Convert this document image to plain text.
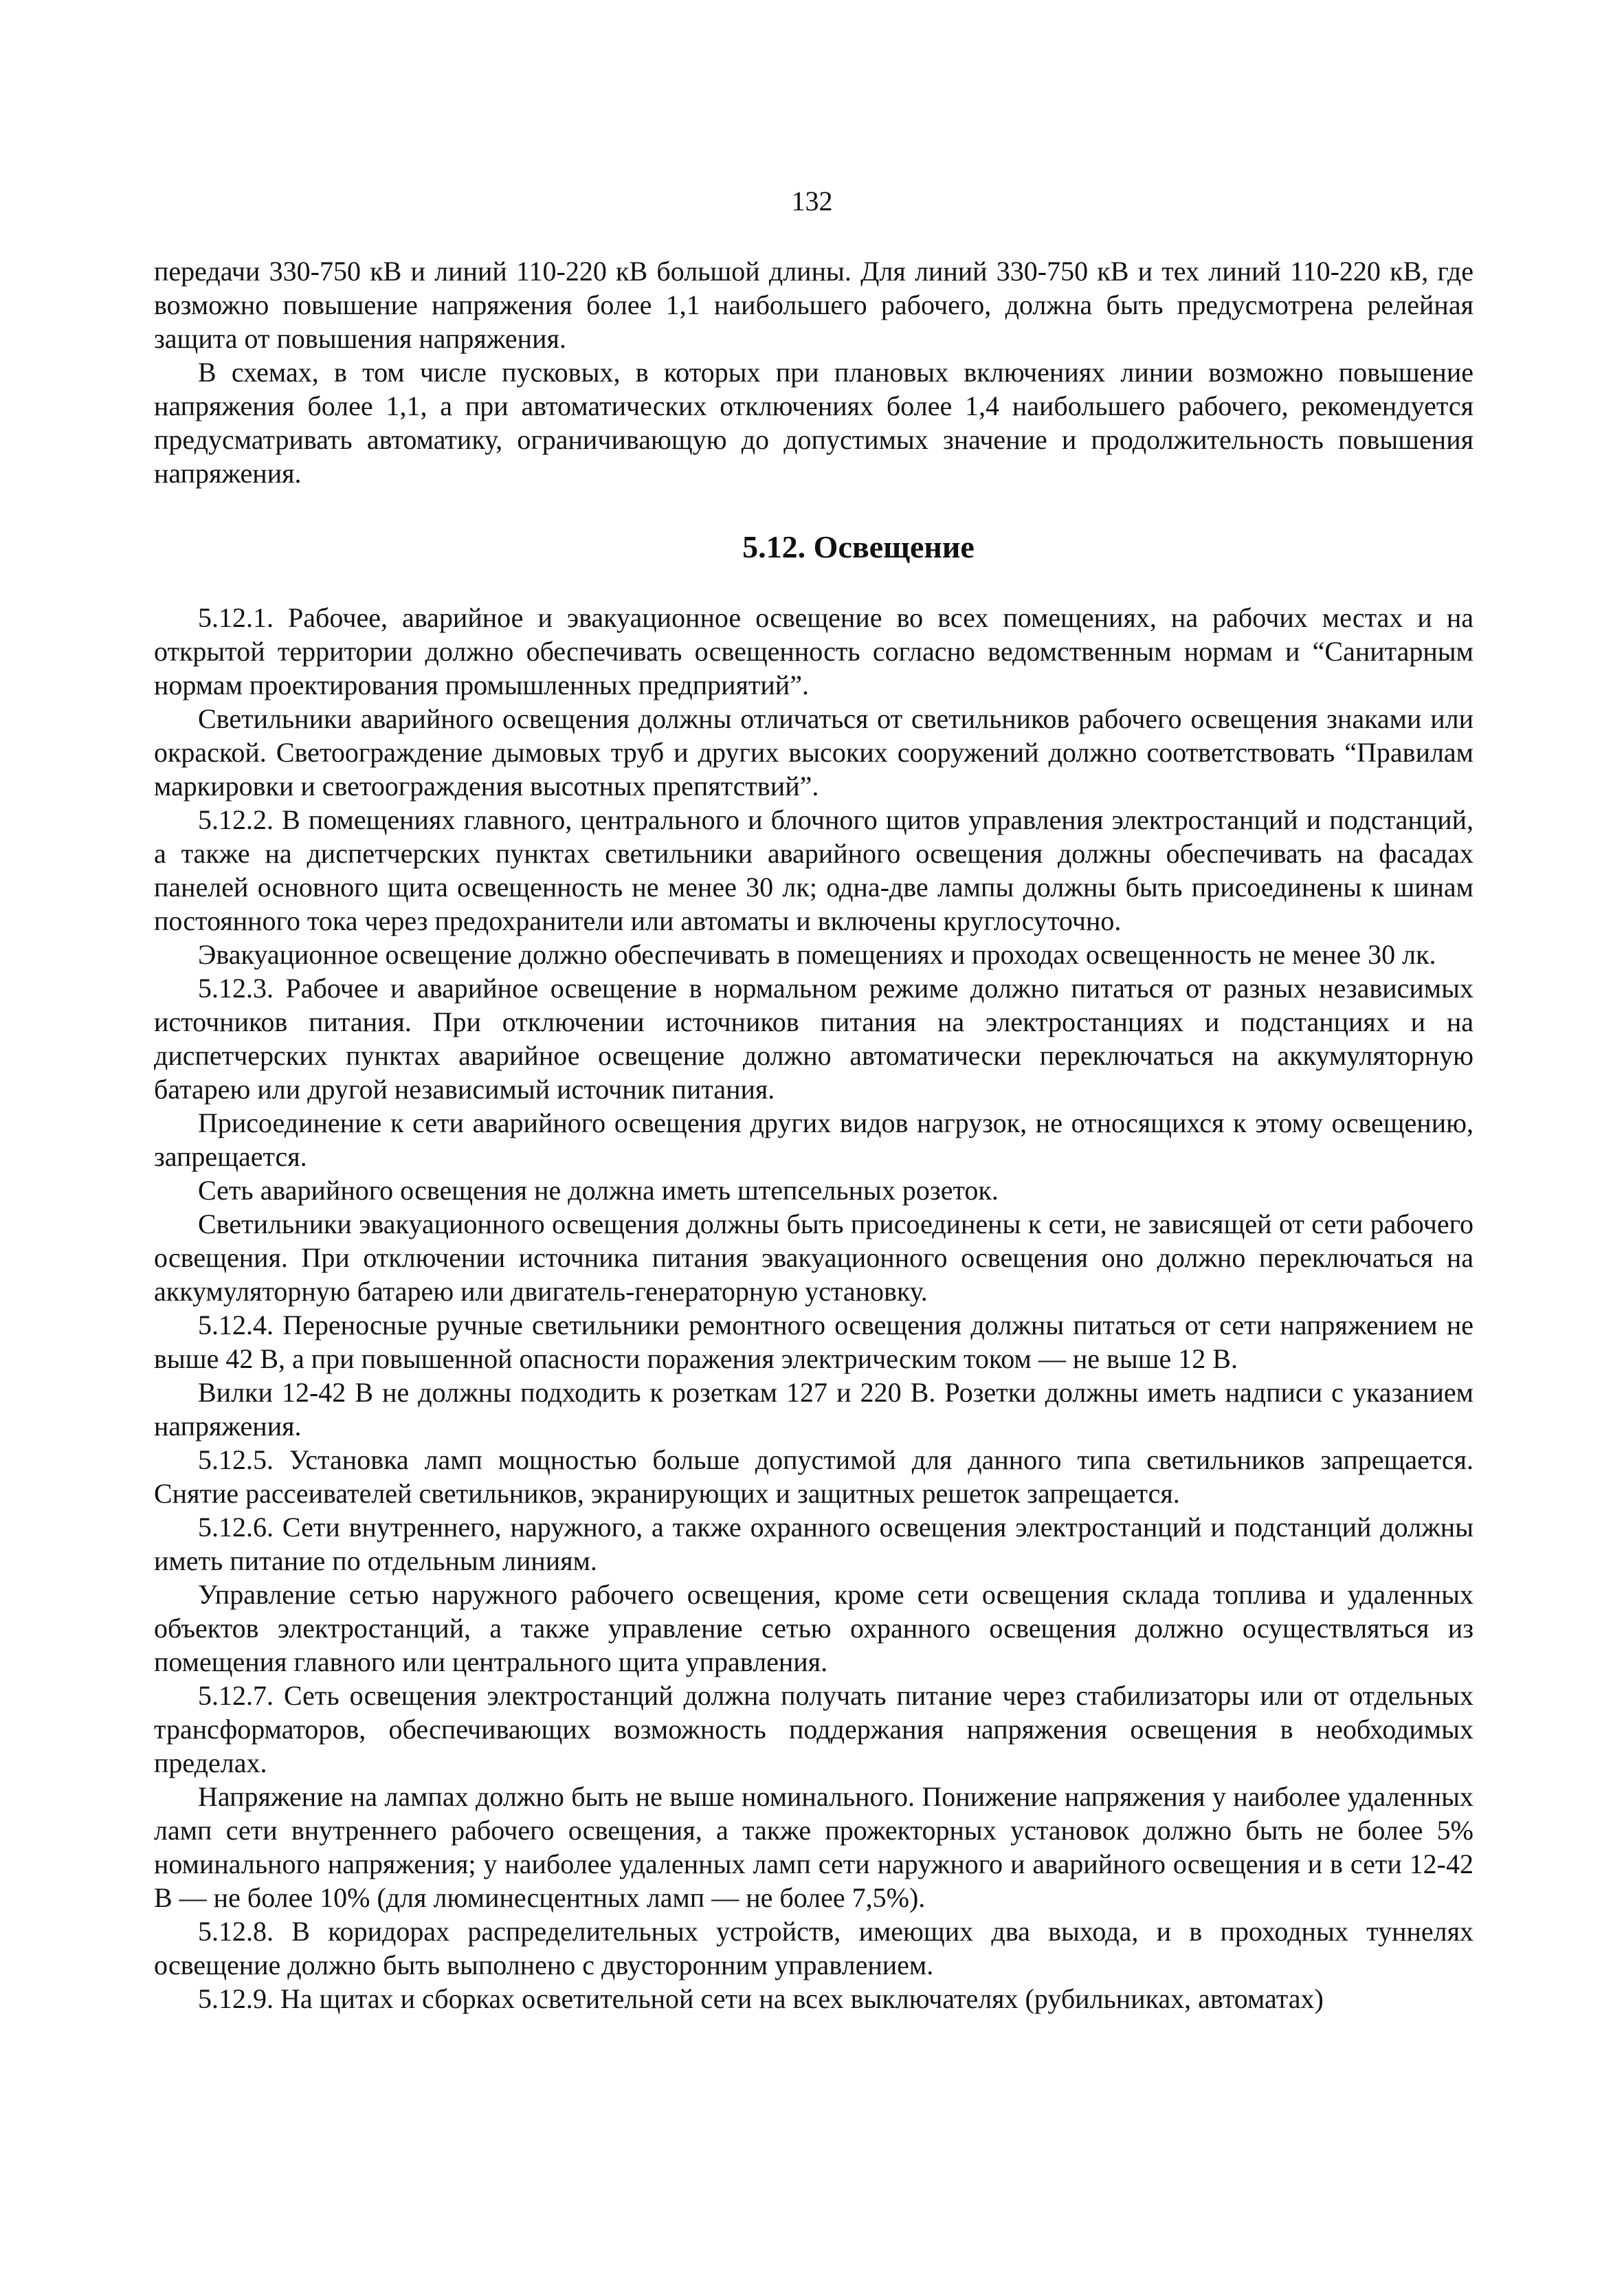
132

передачи 330-750 кВ и линий 110-220 кВ большой длины. Для линий 330-750 кВ и тех линий 110-220 кВ, где возможно повышение напряжения более 1,1 наибольшего рабочего, должна быть предусмотрена релейная защита от повышения напряжения.

В схемах, в том числе пусковых, в которых при плановых включениях линии возможно повышение напряжения более 1,1, а при автоматических отключениях более 1,4 наибольшего рабочего, рекомендуется предусматривать автоматику, ограничивающую до допустимых значение и продолжительность повышения напряжения.

5.12. Освещение

5.12.1. Рабочее, аварийное и эвакуационное освещение во всех помещениях, на рабочих местах и на открытой территории должно обеспечивать освещенность согласно ведомственным нормам и “Санитарным нормам проектирования промышленных предприятий”.

Светильники аварийного освещения должны отличаться от светильников рабочего освещения знаками или окраской. Светоограждение дымовых труб и других высоких сооружений должно соответствовать “Правилам маркировки и светоограждения высотных препятствий”.

5.12.2. В помещениях главного, центрального и блочного щитов управления электростанций и подстанций, а также на диспетчерских пунктах светильники аварийного освещения должны обеспечивать на фасадах панелей основного щита освещенность не менее 30 лк; одна-две лампы должны быть присоединены к шинам постоянного тока через предохранители или автоматы и включены круглосуточно.

Эвакуационное освещение должно обеспечивать в помещениях и проходах освещенность не менее 30 лк.

5.12.3. Рабочее и аварийное освещение в нормальном режиме должно питаться от разных независимых источников питания. При отключении источников питания на электростанциях и подстанциях и на диспетчерских пунктах аварийное освещение должно автоматически переключаться на аккумуляторную батарею или другой независимый источник питания.

Присоединение к сети аварийного освещения других видов нагрузок, не относящихся к этому освещению, запрещается.

Сеть аварийного освещения не должна иметь штепсельных розеток.

Светильники эвакуационного освещения должны быть присоединены к сети, не зависящей от сети рабочего освещения. При отключении источника питания эвакуационного освещения оно должно переключаться на аккумуляторную батарею или двигатель-генераторную установку.

5.12.4. Переносные ручные светильники ремонтного освещения должны питаться от сети напряжением не выше 42 В, а при повышенной опасности поражения электрическим током — не выше 12 В.

Вилки 12-42 В не должны подходить к розеткам 127 и 220 В. Розетки должны иметь надписи с указанием напряжения.

5.12.5. Установка ламп мощностью больше допустимой для данного типа светильников запрещается. Снятие рассеивателей светильников, экранирующих и защитных решеток запрещается.

5.12.6. Сети внутреннего, наружного, а также охранного освещения электростанций и подстанций должны иметь питание по отдельным линиям.

Управление сетью наружного рабочего освещения, кроме сети освещения склада топлива и удаленных объектов электростанций, а также управление сетью охранного освещения должно осуществляться из помещения главного или центрального щита управления.

5.12.7. Сеть освещения электростанций должна получать питание через стабилизаторы или от отдельных трансформаторов, обеспечивающих возможность поддержания напряжения освещения в необходимых пределах.

Напряжение на лампах должно быть не выше номинального. Понижение напряжения у наиболее удаленных ламп сети внутреннего рабочего освещения, а также прожекторных установок должно быть не более 5% номинального напряжения; у наиболее удаленных ламп сети наружного и аварийного освещения и в сети 12-42 В — не более 10% (для люминесцентных ламп — не более 7,5%).

5.12.8. В коридорах распределительных устройств, имеющих два выхода, и в проходных туннелях освещение должно быть выполнено с двусторонним управлением.

5.12.9. На щитах и сборках осветительной сети на всех выключателях (рубильниках, автоматах)
